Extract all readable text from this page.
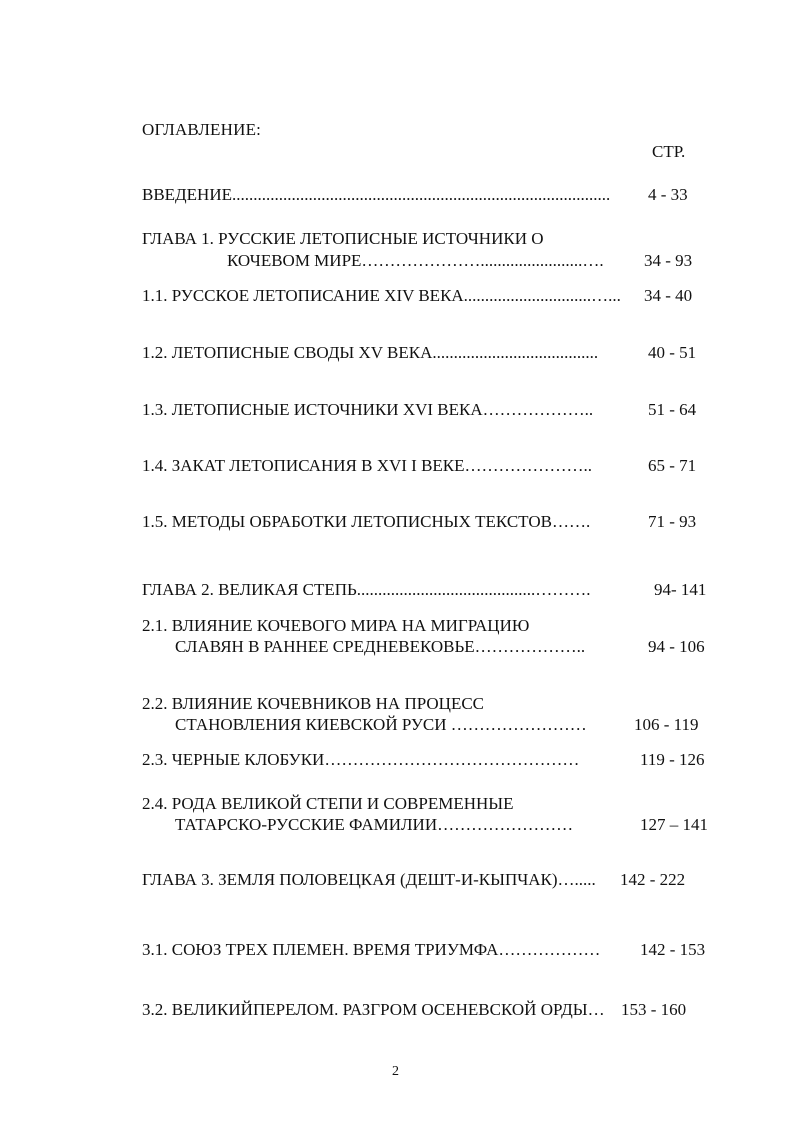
ОГЛАВЛЕНИЕ:
СТР.
ВВЕДЕНИЕ......................................................................................... 4 - 33
ГЛАВА 1. РУССКИЕ ЛЕТОПИСНЫЕ ИСТОЧНИКИ О
КОЧЕВОМ МИРЕ…………………........................…. 34 - 93
1.1. РУССКОЕ ЛЕТОПИСАНИЕ XIV ВЕКА..............................…... 34 - 40
1.2. ЛЕТОПИСНЫЕ СВОДЫ XV ВЕКА.......................................	40 - 51
1.3. ЛЕТОПИСНЫЕ ИСТОЧНИКИ XVI ВЕКА………………..	51 - 64
1.4. ЗАКАТ ЛЕТОПИСАНИЯ В XVI I ВЕКЕ…………………..	65 - 71
1.5. МЕТОДЫ ОБРАБОТКИ ЛЕТОПИСНЫХ ТЕКСТОВ…….	71 - 93
ГЛАВА 2. ВЕЛИКАЯ СТЕПЬ..........................................……….	94- 141
2.1. ВЛИЯНИЕ КОЧЕВОГО МИРА НА МИГРАЦИЮ
СЛАВЯН В РАННЕЕ СРЕДНЕВЕКОВЬЕ………………..	94 - 106
2.2. ВЛИЯНИЕ КОЧЕВНИКОВ НА ПРОЦЕСС
СТАНОВЛЕНИЯ КИЕВСКОЙ РУСИ ……………………	106 - 119
2.3. ЧЕРНЫЕ КЛОБУКИ………………………………………	119 - 126
2.4. РОДА ВЕЛИКОЙ СТЕПИ И СОВРЕМЕННЫЕ
ТАТАРСКО-РУССКИЕ ФАМИЛИИ……………………	127 – 141
ГЛАВА 3. ЗЕМЛЯ ПОЛОВЕЦКАЯ (ДЕШТ-И-КЫПЧАК)…..... 142 - 222
3.1. СОЮЗ ТРЕХ ПЛЕМЕН. ВРЕМЯ ТРИУМФА……………… 142 - 153
3.2. ВЕЛИКИЙПЕРЕЛОМ. РАЗГРОМ ОСЕНЕВСКОЙ ОРДЫ… 153 - 160
2
